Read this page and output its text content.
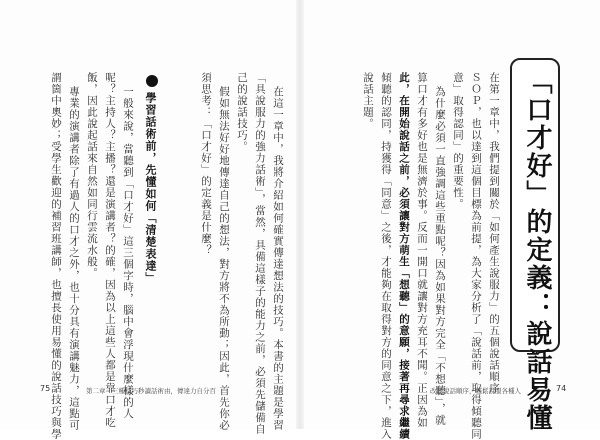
「口才好」的定義：說話易懂
在第一章中，我們提到關於「如何產生說服力」的五個說話順序
ＳＯＰ，也以達到這個目標為前提，為大家分析了「說話前，取得傾聽同
意」取得認同」的重要性。
為什麼必須一直強調這些重點呢？因為如果對方完全「不想聽」，就
算口才有多好也是無濟於事。反而一開口就讓對方充耳不聞。正因為如
此，在開始說話之前，必須讓對方萌生「想聽」的意願，接著再尋求繼續
傾聽的認同，持獲得「同意」之後，才能夠在取得對方的同意之下，進入
說話主題。
改變說話順序，輕鬆說服各種人	74
在這一章中，我將介紹如何確實傳達想法的技巧。本書的主題是學習
「具說服力的強力話術」，當然，具備這樣子的能力之前，必須先儲備自
己的說話技巧。
假如無法好好地傳達自己的想法，對方將不為所動；因此，首先你必
須思考：「口才好」的定義是什麼？
學習話術前，先懂如何「清楚表達」
一般來說，當聽到「口才好」這三個字時，腦中會浮現什麼樣的人
呢？主持人？主播？還是演講者？的確，因為以上這些人都是靠口才吃
飯，因此說起話來自然如同行雲流水般。
專業的演講者除了有過人的口才之外，也十分具有演講魅力，這點可
謂箇中奧妙；受學生歡迎的補習班講師，也擅長使用易懂的說話技巧與學
75	第二章　三種技巧秒讀話術由，傳達力自分百
